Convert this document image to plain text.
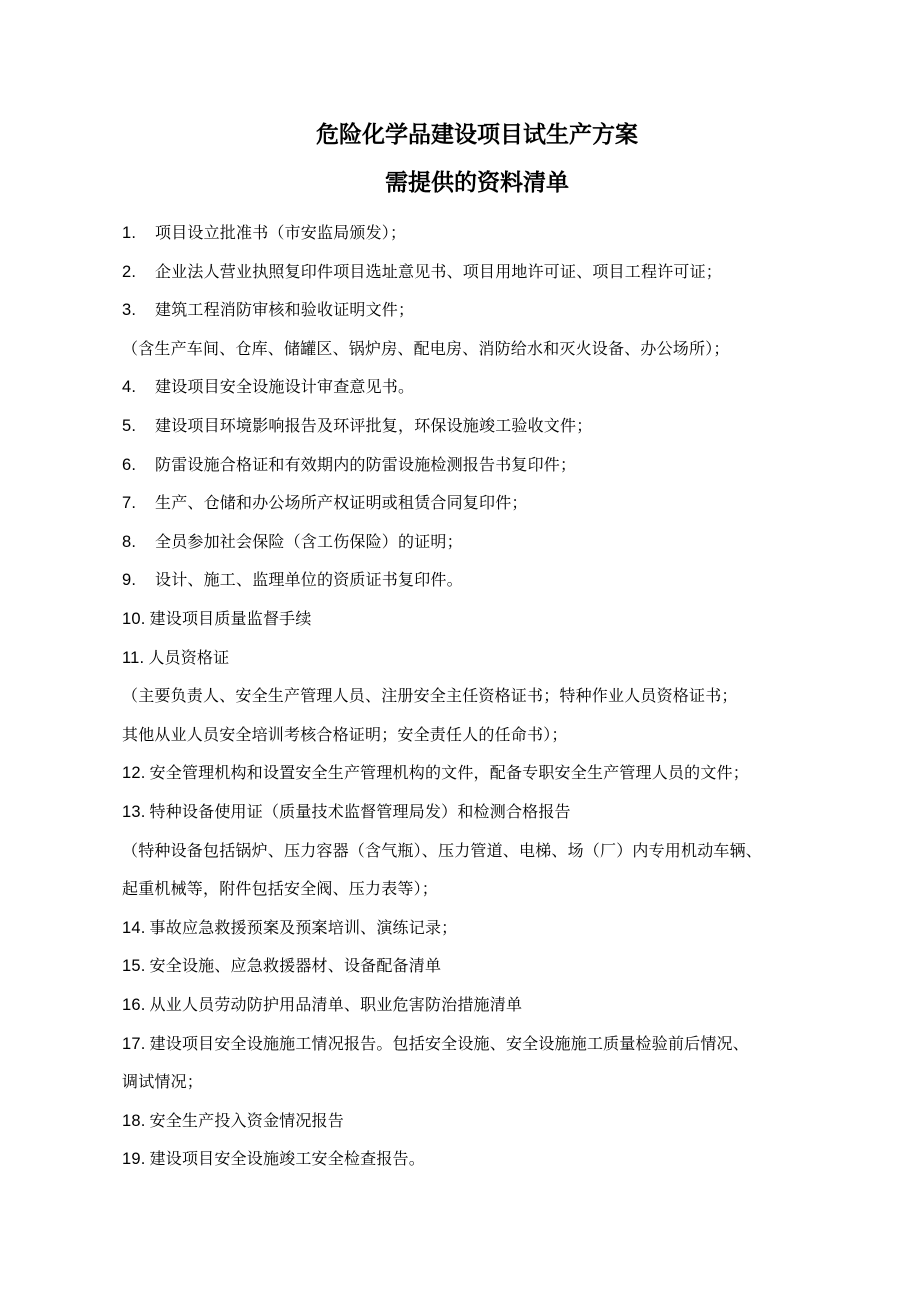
危险化学品建设项目试生产方案
需提供的资料清单
1. 项目设立批准书（市安监局颁发）；
2. 企业法人营业执照复印件项目选址意见书、项目用地许可证、项目工程许可证；
3. 建筑工程消防审核和验收证明文件；
（含生产车间、仓库、储罐区、锅炉房、配电房、消防给水和灭火设备、办公场所）；
4. 建设项目安全设施设计审查意见书。
5. 建设项目环境影响报告及环评批复，环保设施竣工验收文件；
6. 防雷设施合格证和有效期内的防雷设施检测报告书复印件；
7. 生产、仓储和办公场所产权证明或租赁合同复印件；
8. 全员参加社会保险（含工伤保险）的证明；
9. 设计、施工、监理单位的资质证书复印件。
10. 建设项目质量监督手续
11. 人员资格证
（主要负责人、安全生产管理人员、注册安全主任资格证书；特种作业人员资格证书；
其他从业人员安全培训考核合格证明；安全责任人的任命书）；
12. 安全管理机构和设置安全生产管理机构的文件，配备专职安全生产管理人员的文件；
13. 特种设备使用证（质量技术监督管理局发）和检测合格报告
（特种设备包括锅炉、压力容器（含气瓶）、压力管道、电梯、场（厂）内专用机动车辆、
起重机械等，附件包括安全阀、压力表等）；
14. 事故应急救援预案及预案培训、演练记录；
15. 安全设施、应急救援器材、设备配备清单
16. 从业人员劳动防护用品清单、职业危害防治措施清单
17. 建设项目安全设施施工情况报告。包括安全设施、安全设施施工质量检验前后情况、
调试情况；
18. 安全生产投入资金情况报告
19. 建设项目安全设施竣工安全检查报告。
